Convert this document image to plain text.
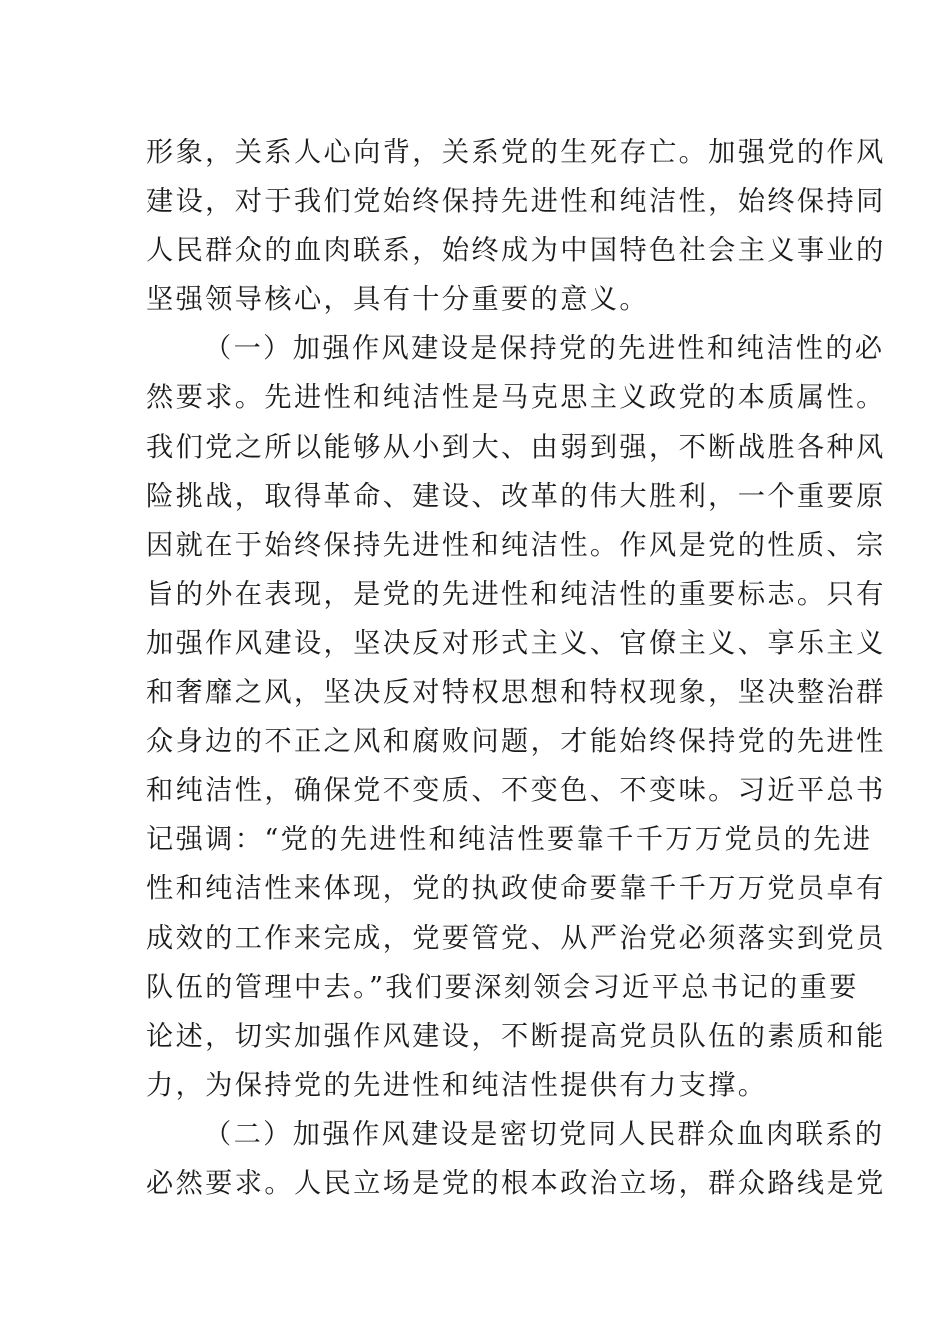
形象，关系人心向背，关系党的生死存亡。加强党的作风
建设，对于我们党始终保持先进性和纯洁性，始终保持同
人民群众的血肉联系，始终成为中国特色社会主义事业的
坚强领导核心，具有十分重要的意义。
（一）加强作风建设是保持党的先进性和纯洁性的必
然要求。先进性和纯洁性是马克思主义政党的本质属性。
我们党之所以能够从小到大、由弱到强，不断战胜各种风
险挑战，取得革命、建设、改革的伟大胜利，一个重要原
因就在于始终保持先进性和纯洁性。作风是党的性质、宗
旨的外在表现，是党的先进性和纯洁性的重要标志。只有
加强作风建设，坚决反对形式主义、官僚主义、享乐主义
和奢靡之风，坚决反对特权思想和特权现象，坚决整治群
众身边的不正之风和腐败问题，才能始终保持党的先进性
和纯洁性，确保党不变质、不变色、不变味。习近平总书
记强调：“党的先进性和纯洁性要靠千千万万党员的先进
性和纯洁性来体现，党的执政使命要靠千千万万党员卓有
成效的工作来完成，党要管党、从严治党必须落实到党员
队伍的管理中去。”我们要深刻领会习近平总书记的重要
论述，切实加强作风建设，不断提高党员队伍的素质和能
力，为保持党的先进性和纯洁性提供有力支撑。
（二）加强作风建设是密切党同人民群众血肉联系的
必然要求。人民立场是党的根本政治立场，群众路线是党
